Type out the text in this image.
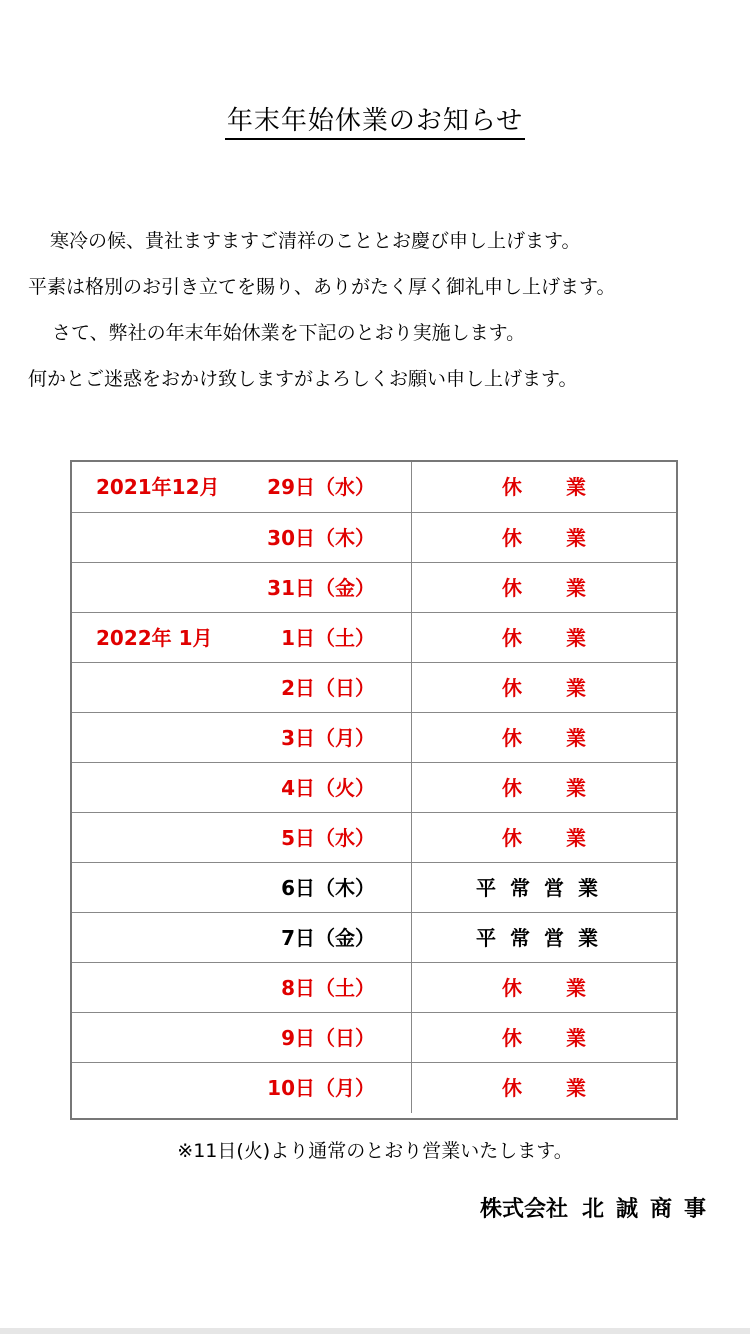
年末年始休業のお知らせ
寒冷の候、貴社ますますご清祥のこととお慶び申し上げます。
平素は格別のお引き立てを賜り、ありがたく厚く御礼申し上げます。
さて、弊社の年末年始休業を下記のとおり実施します。
何かとご迷惑をおかけ致しますがよろしくお願い申し上げます。
2021年12月 29日（水）	休業
30日（木）	休業
31日（金）	休業
2022年 1月	1日（土）	休業
2日（日）	休業
3日（月）	休業
4日（火）	休業
5日（水）	休業
6日（木）	平常営業
7日（金）	平常営業
8日（土）	休業
9日（日）	休業
10日（月）	休業
※11日(火)より通常のとおり営業いたします。
株式会社 北誠商事
